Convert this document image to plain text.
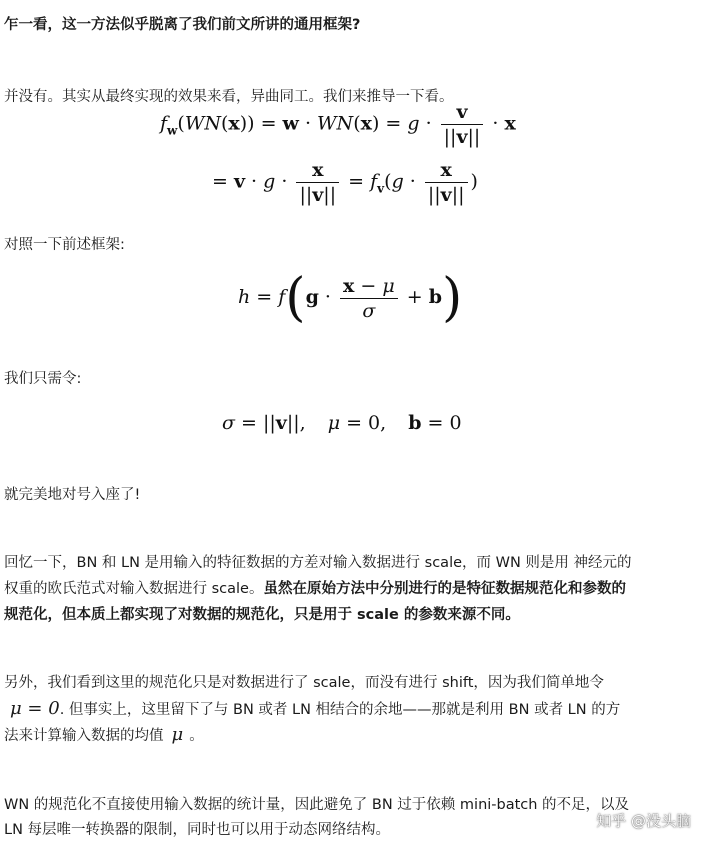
乍一看，这一方法似乎脱离了我们前文所讲的通用框架?
并没有。其实从最终实现的效果来看，异曲同工。我们来推导一下看。
$f_w(WN(x)) = w \cdot WN(x) = g \cdot \frac{v}{||v||} \cdot x$
= $v \cdot g \cdot \frac{x}{||v||} = f_v(g \cdot \frac{x}{||v||}$ )
对照一下前述框架:
$h = f(g \cdot \frac{x - \mu}{\sigma} + b)$
我们只需令:
σ = ||v||, μ = 0, b = 0
就完美地对号入座了!
回忆一下，BN 和 LN 是用输入的特征数据的方差对输入数据进行 scale，而 WN 则是用 神经元的
权重的欧氏范式对输入数据进行 scale。虽然在原始方法中分别进行的是特征数据规范化和参数的
规范化，但本质上都实现了对数据的规范化，只是用于 scale 的参数来源不同。
另外，我们看到这里的规范化只是对数据进行了 scale，而没有进行 shift，因为我们简单地令
μ = 0. 但事实上，这里留下了与 BN 或者 LN 相结合的余地——那就是利用 BN 或者 LN 的方
法来计算输入数据的均值 μ 。
WN 的规范化不直接使用输入数据的统计量，因此避免了 BN 过于依赖 mini-batch 的不足，以及
LN 每层唯一转换器的限制，同时也可以用于动态网络结构。	知乎 @没头脑
